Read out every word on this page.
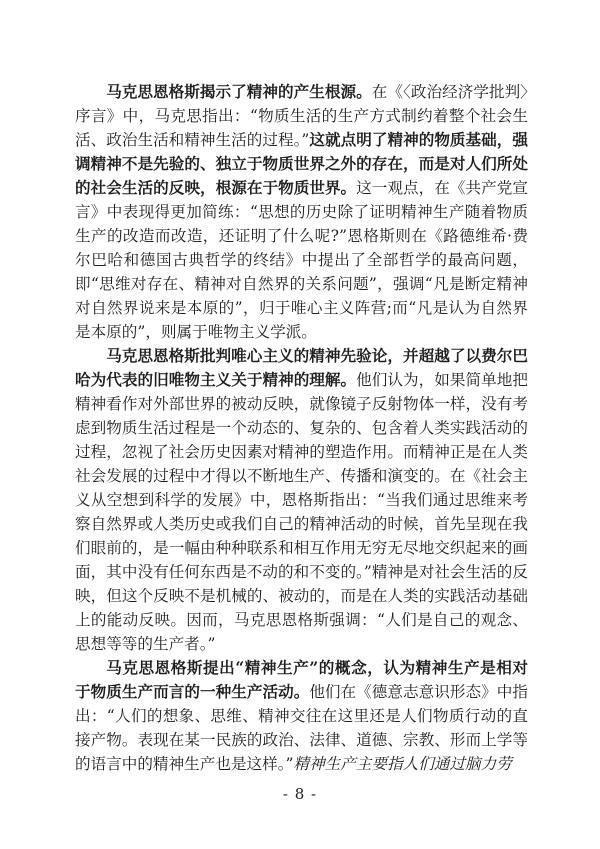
马克思恩格斯揭示了精神的产生根源。在《〈政治经济学批判〉序言》中，马克思指出：“物质生活的生产方式制约着整个社会生活、政治生活和精神生活的过程。”这就点明了精神的物质基础，强调精神不是先验的、独立于物质世界之外的存在，而是对人们所处的社会生活的反映，根源在于物质世界。这一观点，在《共产党宣言》中表现得更加简练：“思想的历史除了证明精神生产随着物质生产的改造而改造，还证明了什么呢?”恩格斯则在《路德维希·费尔巴哈和德国古典哲学的终结》中提出了全部哲学的最高问题，即“思维对存在、精神对自然界的关系问题”，强调“凡是断定精神对自然界说来是本原的”，归于唯心主义阵营;而“凡是认为自然界是本原的”，则属于唯物主义学派。

马克思恩格斯批判唯心主义的精神先验论，并超越了以费尔巴哈为代表的旧唯物主义关于精神的理解。他们认为，如果简单地把精神看作对外部世界的被动反映，就像镜子反射物体一样，没有考虑到物质生活过程是一个动态的、复杂的、包含着人类实践活动的过程，忽视了社会历史因素对精神的塑造作用。而精神正是在人类社会发展的过程中才得以不断地生产、传播和演变的。在《社会主义从空想到科学的发展》中，恩格斯指出：“当我们通过思维来考察自然界或人类历史或我们自己的精神活动的时候，首先呈现在我们眼前的，是一幅由种种联系和相互作用无穷无尽地交织起来的画面，其中没有任何东西是不动的和不变的。”精神是对社会生活的反映，但这个反映不是机械的、被动的，而是在人类的实践活动基础上的能动反映。因而，马克思恩格斯强调：“人们是自己的观念、思想等等的生产者。”

马克思恩格斯提出“精神生产”的概念，认为精神生产是相对于物质生产而言的一种生产活动。他们在《德意志意识形态》中指出：“人们的想象、思维、精神交往在这里还是人们物质行动的直接产物。表现在某一民族的政治、法律、道德、宗教、形而上学等的语言中的精神生产也是这样。”精神生产主要指人们通过脑力劳

- 8 -
